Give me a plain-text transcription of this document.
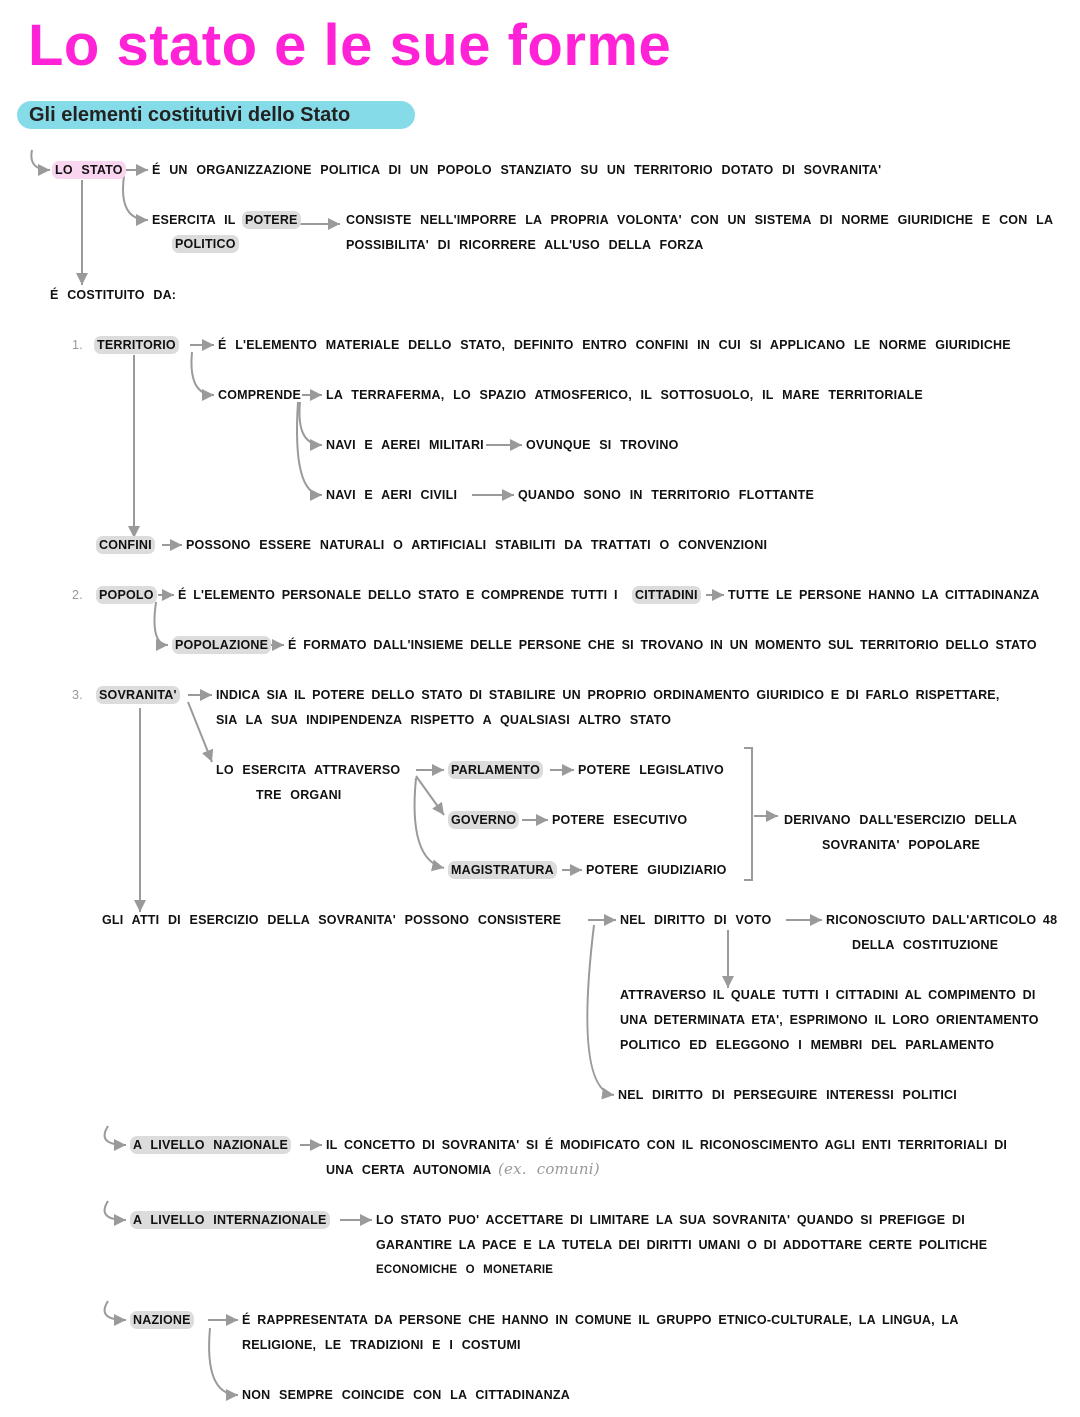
Lo stato e le sue forme
Gli elementi costitutivi dello Stato
LO STATO É UN ORGANIZZAZIONE POLITICA DI UN POPOLO STANZIATO SU UN TERRITORIO DOTATO DI SOVRANITA'
ESERCITA IL POTERE
POLITICO
CONSISTE NELL'IMPORRE LA PROPRIA VOLONTA' CON UN SISTEMA DI NORME GIURIDICHE E CON LA
POSSIBILITA' DI RICORRERE ALL'USO DELLA FORZA
É COSTITUITO DA:
1. TERRITORIO	É L'ELEMENTO MATERIALE DELLO STATO, DEFINITO ENTRO CONFINI IN CUI SI APPLICANO LE NORME GIURIDICHE
COMPRENDE LA TERRAFERMA, LO SPAZIO ATMOSFERICO, IL SOTTOSUOLO, IL MARE TERRITORIALE
NAVI E AEREI MILITARI	OVUNQUE SI TROVINO
NAVI E AERI CIVILI	QUANDO SONO IN TERRITORIO FLOTTANTE
CONFINI	POSSONO ESSERE NATURALI O ARTIFICIALI STABILITI DA TRATTATI O CONVENZIONI
2. POPOLO É L'ELEMENTO PERSONALE DELLO STATO E COMPRENDE TUTTI I CITTADINI TUTTE LE PERSONE HANNO LA CITTADINANZA
POPOLAZIONE É FORMATO DALL'INSIEME DELLE PERSONE CHE SI TROVANO IN UN MOMENTO SUL TERRITORIO DELLO STATO
3. SOVRANITA'	INDICA SIA IL POTERE DELLO STATO DI STABILIRE UN PROPRIO ORDINAMENTO GIURIDICO E DI FARLO RISPETTARE,
SIA LA SUA INDIPENDENZA RISPETTO A QUALSIASI ALTRO STATO
LO ESERCITA ATTRAVERSO
TRE ORGANI
PARLAMENTO	POTERE LEGISLATIVO
GOVERNO	POTERE ESECUTIVO
MAGISTRATURA	POTERE GIUDIZIARIO
DERIVANO DALL'ESERCIZIO DELLA
SOVRANITA' POPOLARE
GLI ATTI DI ESERCIZIO DELLA SOVRANITA' POSSONO CONSISTERE	NEL DIRITTO DI VOTO	RICONOSCIUTO DALL'ARTICOLO 48
DELLA COSTITUZIONE
ATTRAVERSO IL QUALE TUTTI I CITTADINI AL COMPIMENTO DI
UNA DETERMINATA ETA', ESPRIMONO IL LORO ORIENTAMENTO
POLITICO ED ELEGGONO I MEMBRI DEL PARLAMENTO
NEL DIRITTO DI PERSEGUIRE INTERESSI POLITICI
A LIVELLO NAZIONALE	IL CONCETTO DI SOVRANITA' SI É MODIFICATO CON IL RICONOSCIMENTO AGLI ENTI TERRITORIALI DI
UNA CERTA AUTONOMIA (ex. comuni)
A LIVELLO INTERNAZIONALE	LO STATO PUO' ACCETTARE DI LIMITARE LA SUA SOVRANITA' QUANDO SI PREFIGGE DI
GARANTIRE LA PACE E LA TUTELA DEI DIRITTI UMANI O DI ADDOTTARE CERTE POLITICHE
ECONOMICHE O MONETARIE
NAZIONE	É RAPPRESENTATA DA PERSONE CHE HANNO IN COMUNE IL GRUPPO ETNICO-CULTURALE, LA LINGUA, LA
RELIGIONE, LE TRADIZIONI E I COSTUMI
NON SEMPRE COINCIDE CON LA CITTADINANZA
